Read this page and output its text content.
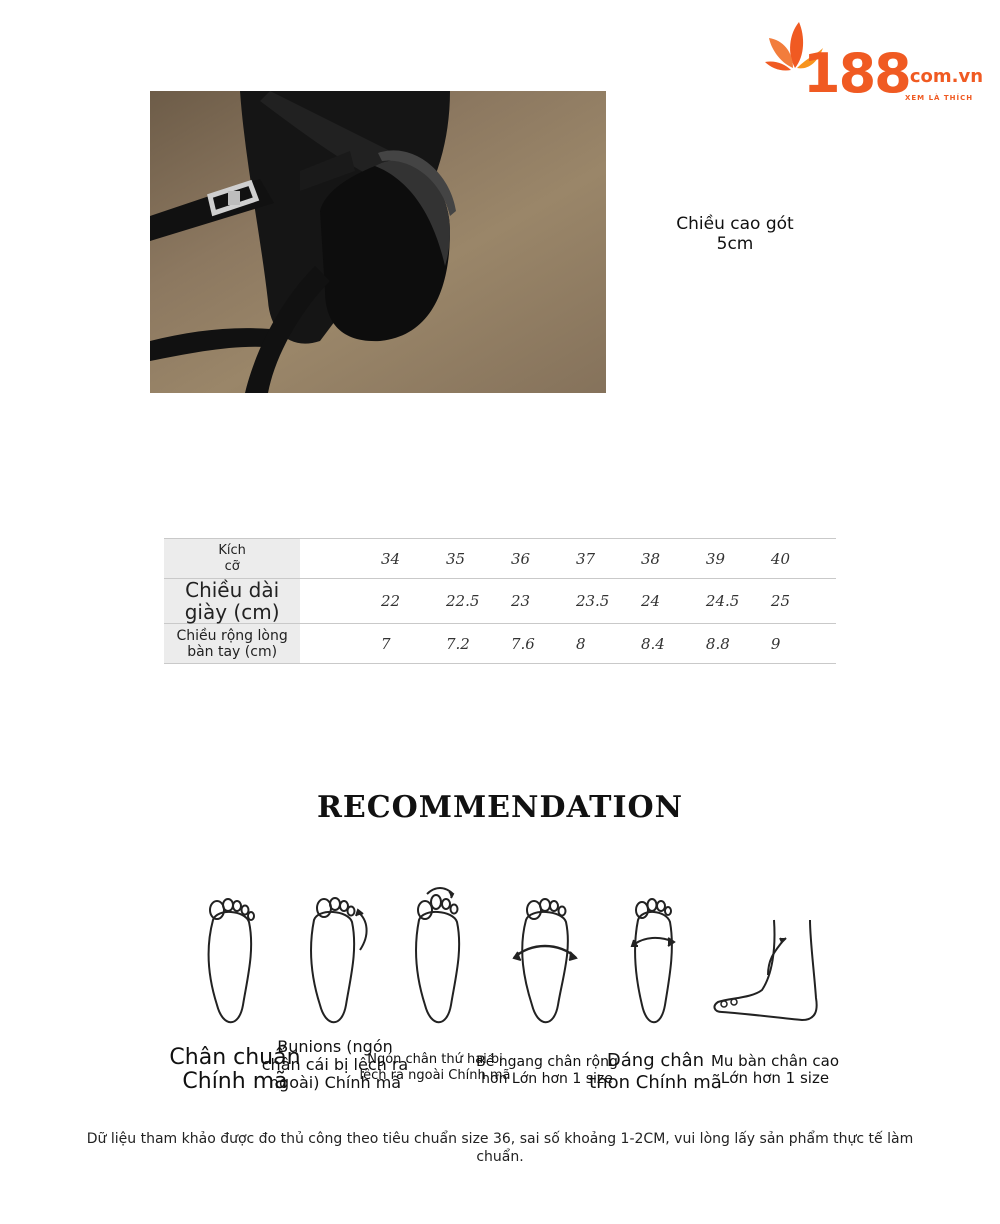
188
.com.vn
XEM LÀ THÍCH
Chiều cao gót
5cm
Kích
cỡ		34	35	36	37	38	39	40

Chiều dài
giày (cm)		22	22.5	23	23.5	24	24.5	25

Chiều rộng lòng
bàn tay (cm)		7	7.2	7.6	8	8.4	8.8	9
RECOMMENDATION
Chân chuẩn
Chính mã
Bunions (ngón
chân cái bị lệch ra
ngoài) Chính mã
Ngón chân thứ hai bị
lệch ra ngoài Chính mã
Bề ngang chân rộng
hơn Lớn hơn 1 size
Dáng chân
thon Chính mã
Mu bàn chân cao
Lớn hơn 1 size
Dữ liệu tham khảo được đo thủ công theo tiêu chuẩn size 36, sai số khoảng 1-2CM, vui lòng lấy sản phẩm thực tế làm chuẩn.
